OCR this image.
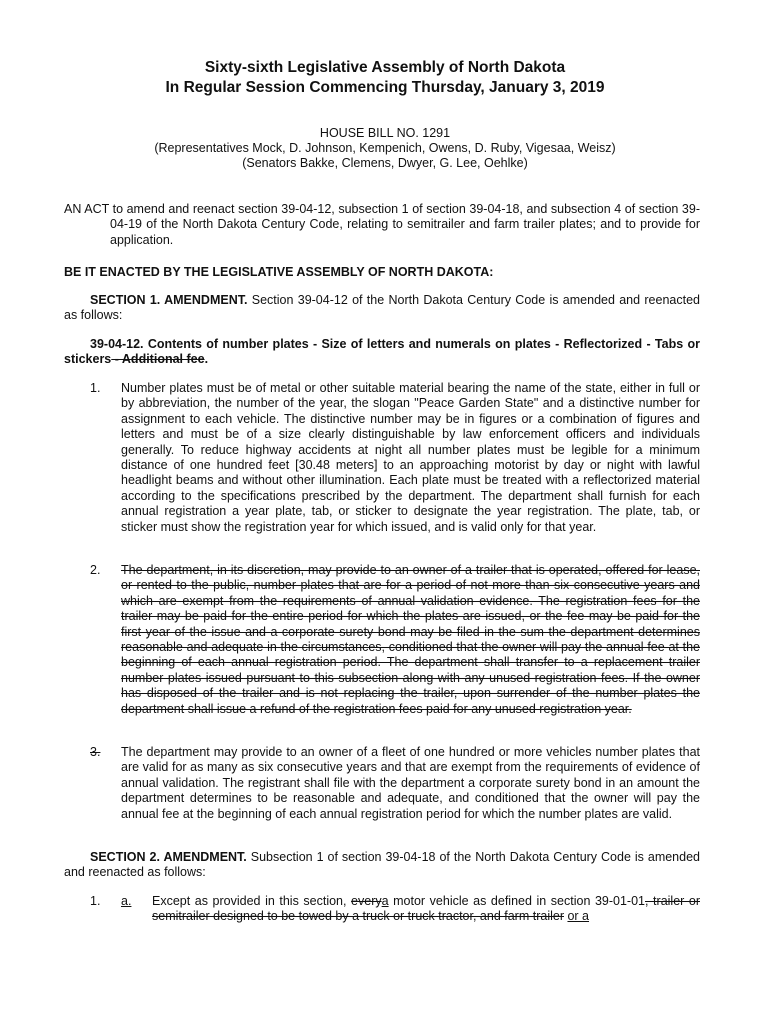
Sixty-sixth Legislative Assembly of North Dakota

In Regular Session Commencing Thursday, January 3, 2019

HOUSE BILL NO. 1291

(Representatives Mock, D. Johnson, Kempenich, Owens, D. Ruby, Vigesaa, Weisz)

(Senators Bakke, Clemens, Dwyer, G. Lee, Oehlke)

AN ACT to amend and reenact section 39-04-12, subsection 1 of section 39-04-18, and subsection 4 of section 39-04-19 of the North Dakota Century Code, relating to semitrailer and farm trailer plates; and to provide for application.

BE IT ENACTED BY THE LEGISLATIVE ASSEMBLY OF NORTH DAKOTA:

SECTION 1. AMENDMENT. Section 39-04-12 of the North Dakota Century Code is amended and reenacted as follows:

39-04-12. Contents of number plates - Size of letters and numerals on plates - Reflectorized - Tabs or stickers - Additional fee.

1. Number plates must be of metal or other suitable material bearing the name of the state, either in full or by abbreviation, the number of the year, the slogan "Peace Garden State" and a distinctive number for assignment to each vehicle. The distinctive number may be in figures or a combination of figures and letters and must be of a size clearly distinguishable by law enforcement officers and individuals generally. To reduce highway accidents at night all number plates must be legible for a minimum distance of one hundred feet [30.48 meters] to an approaching motorist by day or night with lawful headlight beams and without other illumination. Each plate must be treated with a reflectorized material according to the specifications prescribed by the department. The department shall furnish for each annual registration a year plate, tab, or sticker to designate the year registration. The plate, tab, or sticker must show the registration year for which issued, and is valid only for that year.

2. The department, in its discretion, may provide to an owner of a trailer that is operated, offered for lease, or rented to the public, number plates that are for a period of not more than six consecutive years and which are exempt from the requirements of annual validation evidence. The registration fees for the trailer may be paid for the entire period for which the plates are issued, or the fee may be paid for the first year of the issue and a corporate surety bond may be filed in the sum the department determines reasonable and adequate in the circumstances, conditioned that the owner will pay the annual fee at the beginning of each annual registration period. The department shall transfer to a replacement trailer number plates issued pursuant to this subsection along with any unused registration fees. If the owner has disposed of the trailer and is not replacing the trailer, upon surrender of the number plates the department shall issue a refund of the registration fees paid for any unused registration year.

3. The department may provide to an owner of a fleet of one hundred or more vehicles number plates that are valid for as many as six consecutive years and that are exempt from the requirements of evidence of annual validation. The registrant shall file with the department a corporate surety bond in an amount the department determines to be reasonable and adequate, and conditioned that the owner will pay the annual fee at the beginning of each annual registration period for which the number plates are valid.

SECTION 2. AMENDMENT. Subsection 1 of section 39-04-18 of the North Dakota Century Code is amended and reenacted as follows:

1. a. Except as provided in this section, everya motor vehicle as defined in section 39-01-01, trailer or semitrailer designed to be towed by a truck or truck tractor, and farm trailer or a
